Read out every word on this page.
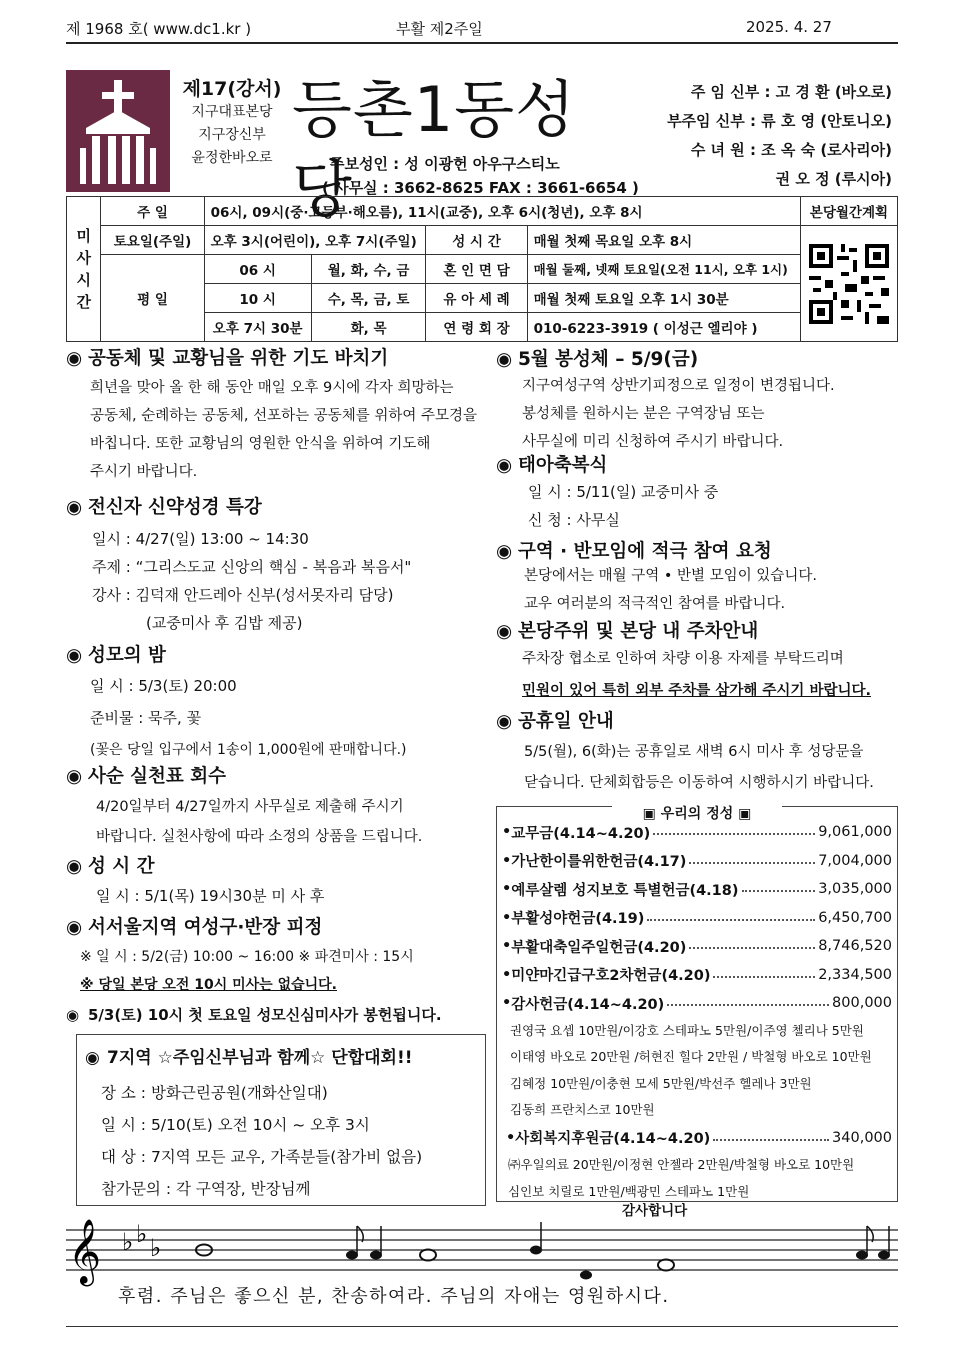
제 1968 호( www.dc1.kr )	부활 제2주일	2025. 4. 27
제17(강서)
지구대표본당
지구장신부
윤정한바오로
등촌1동성당
주보성인 : 성 이광헌 아우구스티노
( 사무실 : 3662-8625 FAX : 3661-6654 )
주 임 신부 : 고 경 환 (바오로)
부주임 신부 : 류 호 영 (안토니오)
수 녀 원 : 조 옥 숙 (로사리아)
권 오 정 (루시아)
미
사
시
간	주 일	06시, 09시(중·고등부·해오름), 11시(교중), 오후 6시(청년), 오후 8시				본당월간계획
	토요일(주일)	오후 3시(어린이), 오후 7시(주일)		성 시 간	매월 첫째 목요일 오후 8시	

	평 일	06 시	월, 화, 수, 금	혼 인 면 담	매월 둘째, 넷째 토요일(오전 11시, 오후 1시)	
		10 시	수, 목, 금, 토	유 아 세 례	매월 첫째 토요일 오후 1시 30분	
		오후 7시 30분	화, 목	연 령 회 장	010-6223-3919 ( 이성근 엘리야 )	
◉ 공동체 및 교황님을 위한 기도 바치기
희년을 맞아 올 한 해 동안 매일 오후 9시에 각자 희망하는
공동체, 순례하는 공동체, 선포하는 공동체를 위하여 주모경을
바칩니다. 또한 교황님의 영원한 안식을 위하여 기도해
주시기 바랍니다.
◉ 전신자 신약성경 특강
일시 : 4/27(일) 13:00 ~ 14:30
주제 : “그리스도교 신앙의 핵심 - 복음과 복음서"
강사 : 김덕재 안드레아 신부(성서못자리 담당)
(교중미사 후 김밥 제공)
◉ 성모의 밤
일 시 : 5/3(토) 20:00
준비물 : 묵주, 꽃
(꽃은 당일 입구에서 1송이 1,000원에 판매합니다.)
◉ 사순 실천표 회수
4/20일부터 4/27일까지 사무실로 제출해 주시기
바랍니다. 실천사항에 따라 소정의 상품을 드립니다.
◉ 성 시 간
일 시 : 5/1(목) 19시30분 미 사 후
◉ 서서울지역 여성구·반장 피정
※ 일 시 : 5/2(금) 10:00 ~ 16:00 ※ 파견미사 : 15시
※ 당일 본당 오전 10시 미사는 없습니다.
◉ 5/3(토) 10시 첫 토요일 성모신심미사가 봉헌됩니다.
◉ 7지역 ☆주임신부님과 함께☆ 단합대회!!
장 소 : 방화근린공원(개화산일대)
일 시 : 5/10(토) 오전 10시 ~ 오후 3시
대 상 : 7지역 모든 교우, 가족분들(참가비 없음)
참가문의 : 각 구역장, 반장님께
◉ 5월 봉성체 – 5/9(금)
지구여성구역 상반기피정으로 일정이 변경됩니다.
봉성체를 원하시는 분은 구역장님 또는
사무실에 미리 신청하여 주시기 바랍니다.
◉ 태아축복식
일 시 : 5/11(일) 교중미사 중
신 청 : 사무실
◉ 구역 · 반모임에 적극 참여 요청
본당에서는 매월 구역 • 반별 모임이 있습니다.
교우 여러분의 적극적인 참여를 바랍니다.
◉ 본당주위 및 본당 내 주차안내
주차장 협소로 인하여 차량 이용 자제를 부탁드리며
민원이 있어 특히 외부 주차를 삼가해 주시기 바랍니다.
◉ 공휴일 안내
5/5(월), 6(화)는 공휴일로 새벽 6시 미사 후 성당문을
닫습니다. 단체회합등은 이동하여 시행하시기 바랍니다.
▣ 우리의 정성 ▣
• 교무금(4.14~4.20)	9,061,000
• 가난한이를위한헌금(4.17)	7,004,000
• 예루살렘 성지보호 특별헌금(4.18)	3,035,000
• 부활성야헌금(4.19)	6,450,700
• 부활대축일주일헌금(4.20)	8,746,520
• 미얀마긴급구호2차헌금(4.20)	2,334,500
• 감사헌금(4.14~4.20)	800,000
권영국 요셉 10만원/이강호 스테파노 5만원/이주영 첼리나 5만원
이태영 바오로 20만원 /허현진 힐다 2만원 / 박철형 바오로 10만원
김혜정 10만원/이충현 모세 5만원/박선주 헬레나 3만원
김동희 프란치스코 10만원
• 사회복지후원금(4.14~4.20)	340,000
㈜우일의료 20만원/이정현 안젤라 2만원/박철형 바오로 10만원
심인보 치릴로 1만원/백광민 스테파노 1만원
감사합니다
𝄞 ♭ ♭ ♭
후렴. 주님은 좋으신 분, 찬송하여라. 주님의 자애는 영원하시다.
